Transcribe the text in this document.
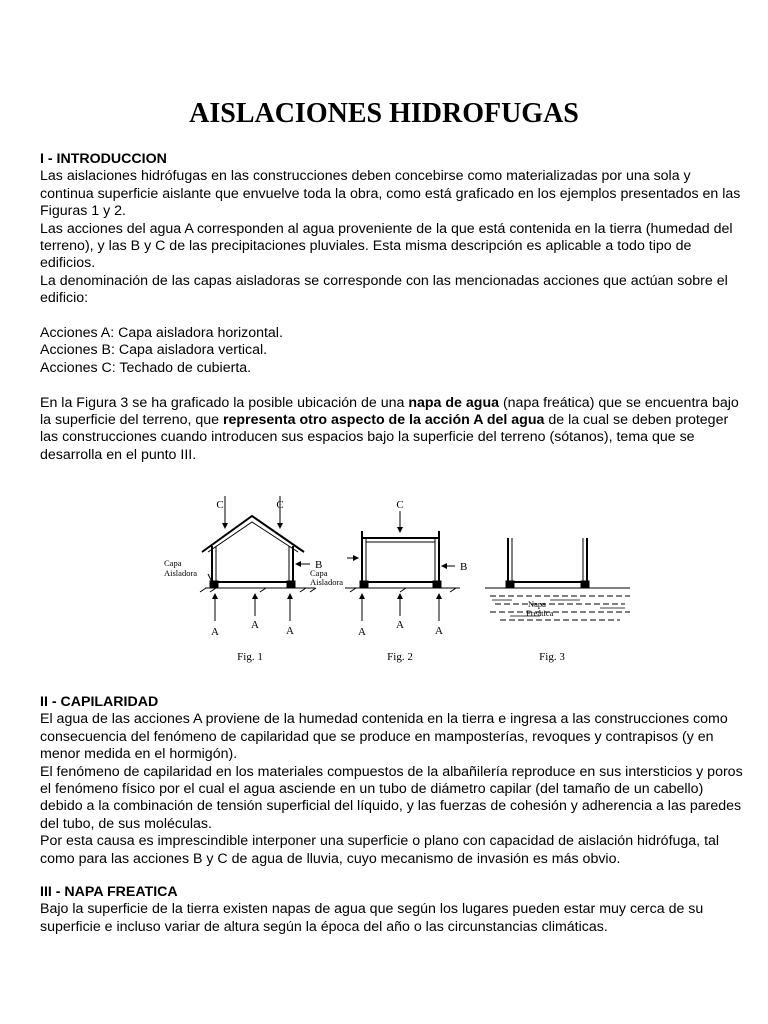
AISLACIONES HIDROFUGAS

I - INTRODUCCION

Las aislaciones hidrófugas en las construcciones deben concebirse como materializadas por una sola y continua superficie aislante que envuelve toda la obra, como está graficado en los ejemplos presentados en las Figuras 1 y 2.

Las acciones del agua A corresponden al agua proveniente de la que está contenida en la tierra (humedad del terreno), y las B y C de las precipitaciones pluviales. Esta misma descripción es aplicable a todo tipo de edificios.

La denominación de las capas aisladoras se corresponde con las mencionadas acciones que actúan sobre el edificio:

Acciones A: Capa aisladora horizontal.

Acciones B: Capa aisladora vertical.

Acciones C: Techado de cubierta.

En la Figura 3 se ha graficado la posible ubicación de una napa de agua (napa freática) que se encuentra bajo la superficie del terreno, que representa otro aspecto de la acción A del agua de la cual se deben proteger las construcciones cuando introducen sus espacios bajo la superficie del terreno (sótanos), tema que se desarrolla en el punto III.

C	C
B
A
A A
Capa
Aisladora
Fig. 1
C
B
A
A	A
Capa
Aisladora
Fig. 2
Napa
Freática
Fig. 3

II - CAPILARIDAD

El agua de las acciones A proviene de la humedad contenida en la tierra e ingresa a las construcciones como consecuencia del fenómeno de capilaridad que se produce en mamposterías, revoques y contrapisos (y en menor medida en el hormigón).

El fenómeno de capilaridad en los materiales compuestos de la albañilería reproduce en sus intersticios y poros el fenómeno físico por el cual el agua asciende en un tubo de diámetro capilar (del tamaño de un cabello) debido a la combinación de tensión superficial del líquido, y las fuerzas de cohesión y adherencia a las paredes del tubo, de sus moléculas.

Por esta causa es imprescindible interponer una superficie o plano con capacidad de aislación hidrófuga, tal como para las acciones B y C de agua de lluvia, cuyo mecanismo de invasión es más obvio.

III - NAPA FREATICA

Bajo la superficie de la tierra existen napas de agua que según los lugares pueden estar muy cerca de su superficie e incluso variar de altura según la época del año o las circunstancias climáticas.
